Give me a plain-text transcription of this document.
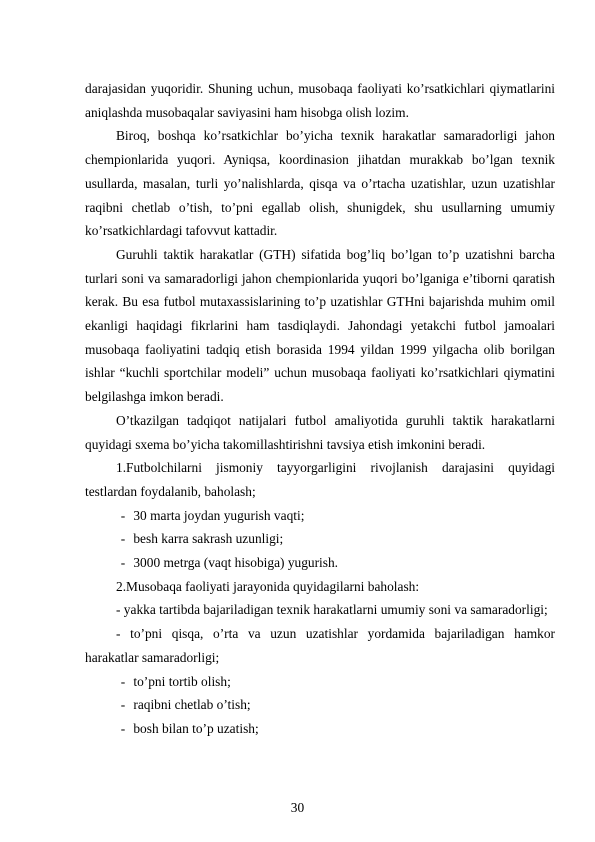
darajasidan yuqoridir. Shuning uchun, musobaqa faoliyati ko’rsatkichlari qiymatlarini aniqlashda musobaqalar saviyasini ham hisobga olish lozim.

Biroq, boshqa ko’rsatkichlar bo’yicha texnik harakatlar samaradorligi jahon chempionlarida yuqori. Ayniqsa, koordinasion jihatdan murakkab bo’lgan texnik usullarda, masalan, turli yo’nalishlarda, qisqa va o’rtacha uzatishlar, uzun uzatishlar raqibni chetlab o’tish, to’pni egallab olish, shunigdek, shu usullarning umumiy ko’rsatkichlardagi tafovvut kattadir.

Guruhli taktik harakatlar (GTH) sifatida bog’liq bo’lgan to’p uzatishni barcha turlari soni va samaradorligi jahon chempionlarida yuqori bo’lganiga e’tiborni qaratish kerak. Bu esa futbol mutaxassislarining to’p uzatishlar GTHni bajarishda muhim omil ekanligi haqidagi fikrlarini ham tasdiqlaydi. Jahondagi yetakchi futbol jamoalari musobaqa faoliyatini tadqiq etish borasida 1994 yildan 1999 yilgacha olib borilgan ishlar “kuchli sportchilar modeli” uchun musobaqa faoliyati ko’rsatkichlari qiymatini belgilashga imkon beradi.

O’tkazilgan tadqiqot natijalari futbol amaliyotida guruhli taktik harakatlarni quyidagi sxema bo’yicha takomillashtirishni tavsiya etish imkonini beradi.

1.Futbolchilarni jismoniy tayyorgarligini rivojlanish darajasini quyidagi testlardan foydalanib, baholash;

- 30 marta joydan yugurish vaqti;
- besh karra sakrash uzunligi;
- 3000 metrga (vaqt hisobiga) yugurish.

2.Musobaqa faoliyati jarayonida quyidagilarni baholash:

- yakka tartibda bajariladigan texnik harakatlarni umumiy soni va samaradorligi;

- to’pni qisqa, o’rta va uzun uzatishlar yordamida bajariladigan hamkor harakatlar samaradorligi;

- to’pni tortib olish;
- raqibni chetlab o’tish;
- bosh bilan to’p uzatish;
30
